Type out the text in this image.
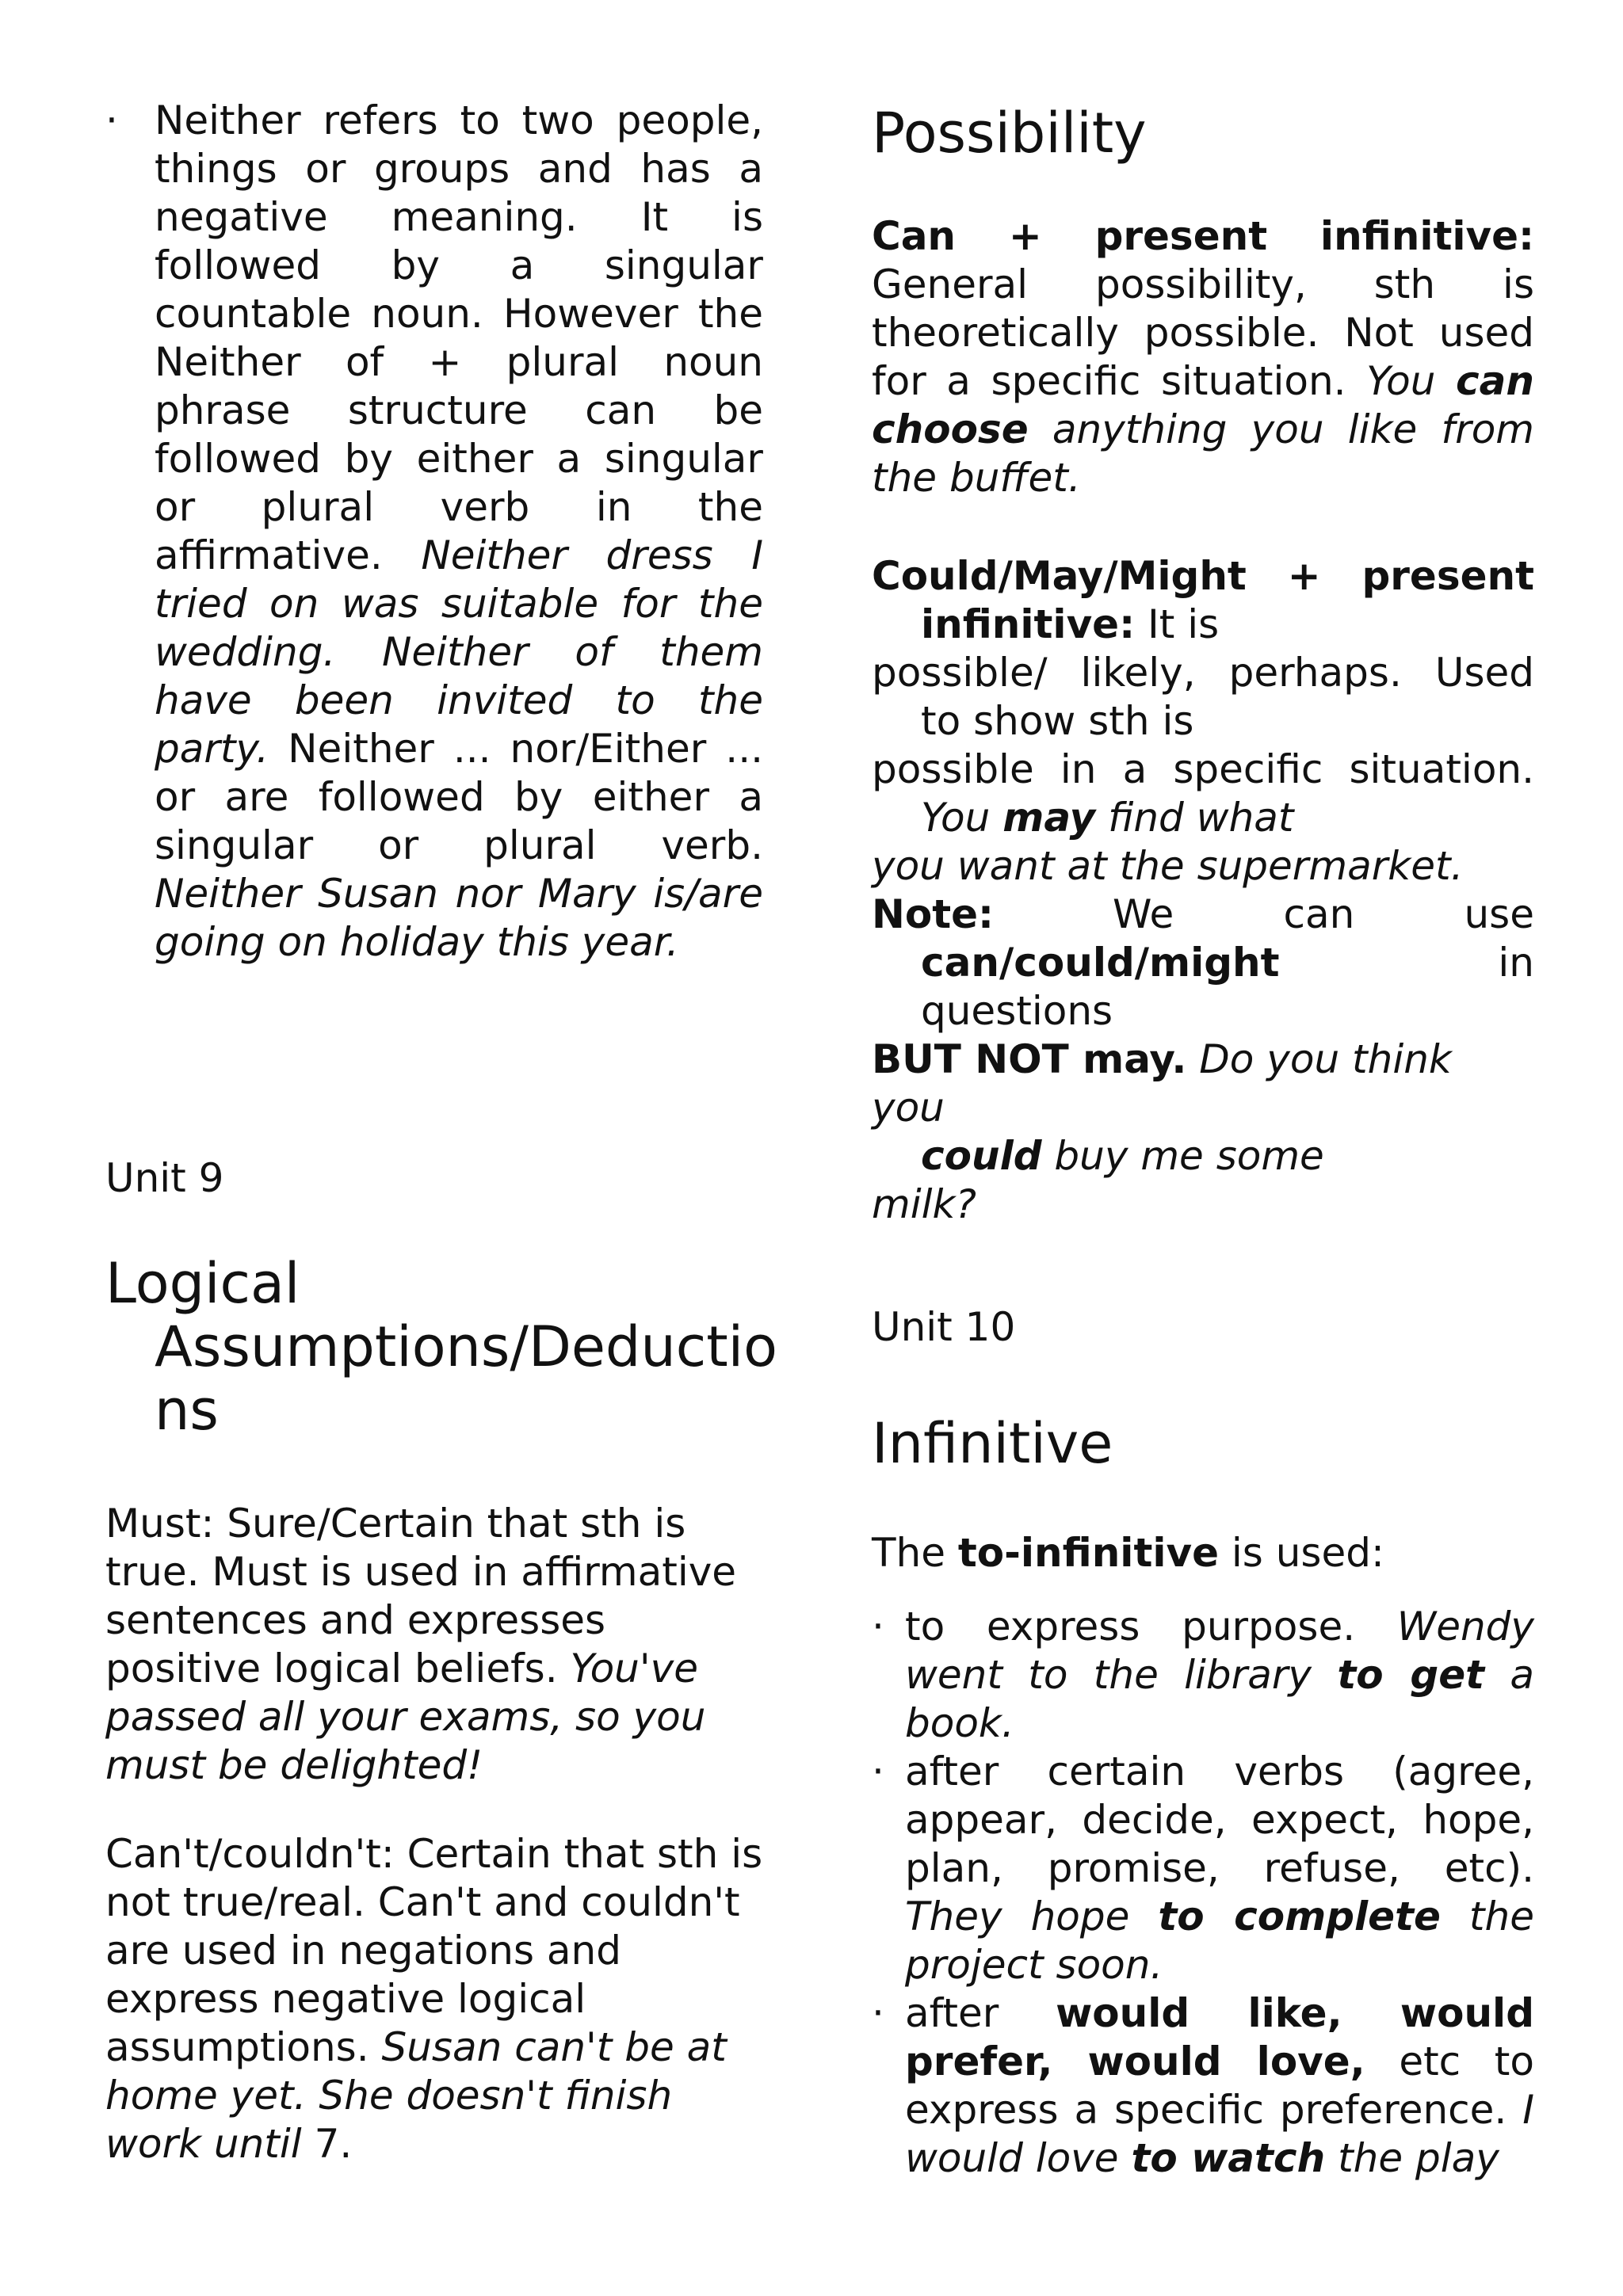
· Neither refers to two people, things or groups and has a negative meaning. It is followed by a singular countable noun. However the Neither of + plural noun phrase structure can be followed by either a singular or plural verb in the affirmative. Neither dress I tried on was suitable for the wedding. Neither of them have been invited to the party. Neither ... nor/Either ... or are followed by either a singular or plural verb. Neither Susan nor Mary is/are going on holiday this year.
Unit 9
Logical
Assumptions/Deductio
ns
Must: Sure/Certain that sth is true. Must is used in affirmative sentences and expresses positive logical beliefs. You've passed all your exams, so you must be delighted!
Can't/couldn't: Certain that sth is not true/real. Can't and couldn't are used in negations and express negative logical assumptions. Susan can't be at home yet. She doesn't finish work until 7.
Possibility
Can + present infinitive: General possibility, sth is theoretically possible. Not used for a specific situation. You can choose anything you like from the buffet.
Could/May/Might + present
infinitive: It is
possible/ likely, perhaps. Used
to show sth is
possible in a specific situation.
You may find what
you want at the supermarket.
Note:	We can use
can/could/might	in
questions
BUT NOT may. Do you think you
could buy me some
milk?
Unit 10
Infinitive
The to-infinitive is used:
· to express purpose. Wendy went to the library to get a book.
· after certain verbs (agree, appear, decide, expect, hope, plan, promise, refuse, etc). They hope to complete the project soon.
· after would like, would prefer, would love, etc to express a specific preference. I would love to watch the play
